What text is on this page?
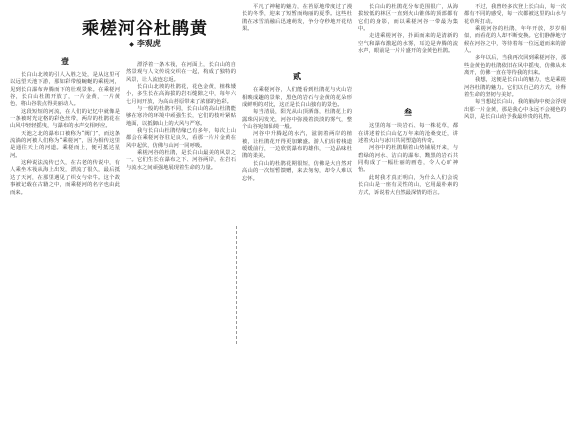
乘槎河谷杜鹃黄
◆ 李观虎
壹

长白山北坡的引人入胜之处，是从这里可以远望天池下游，那如彩带般蜿蜒的乘槎河，见到长白瀑布奔腾而下的壮观景象。在乘槎河谷，长白山杜鹃开放了，一片金黄，一片黄色，将山谷装点得美丽动人。

这段短短的河流，在人们的记忆中就像是一条被时光定格的彩色丝带，两岸的杜鹃花在山风中轻轻摇曳，与瀑布的水声交相呼应。

天池之北的瀑布口被称为“阀门”，而这条流淌的河被人们称为“乘槎河”，因为相传这里是通往天上的河道。乘槎而上，便可抵达星河。

这种说法流传已久，在古老的传说中，有人乘坐木筏从海上出发，漂流了很久，最后抵达了天河，在那里遇见了织女与牵牛。这个故事被记载在古籍之中，而乘槎河的名字也由此而来。

漂浮着一条木筏，在河面上，长白山的自然景观与人文传说交织在一起，构成了独特的风景，让人流连忘返。

长白山北坡的杜鹃花，花色金黄，植株矮小，多生长在高海拔的岩石缝隙之中，每年六七月间开放，为高山苔原带来了浓郁的色彩。

与一般的杜鹃不同，长白山的高山杜鹃能够在寒冷的环境中顽强生长，它们的枝叶紧贴地面，以抵御山上的大风与严寒。

我与长白山杜鹃结缘已有多年，每次上山都会在乘槎河谷驻足良久，看那一片片金黄在风中起伏，仿佛与山河一同呼吸。

乘槎河谷的杜鹃，是长白山最美的风景之一。它们生长在瀑布之下、河谷两岸，在岩石与流水之间顽强地展现着生命的力量。

平凡了神秘的魅力，在苔原地带度过了漫长的冬季，迎来了短暂而绚丽的夏季。这些杜鹃在冰雪消融后迅速萌发，争分夺秒地开花结果。

贰

在乘槎河谷，人们能看到杜鹃花与火山岩相映成趣的景象，黑色的岩石与金黄的花朵形成鲜明的对比，这正是长白山独有的景色。

每当清晨，阳光从山顶洒落，杜鹃花上的露珠闪闪发光，河谷中弥漫着淡淡的雾气，整个山谷宛如仙境一般。

河谷中升腾起的水汽，滋润着两岸的植被，让杜鹃花开得更加繁盛。游人们沿着栈道缓缓前行，一边欣赏瀑布的雄伟，一边品味杜鹃的柔美。

长白山的杜鹃花期很短，仿佛是大自然对高山的一次短暂馈赠，来去匆匆，却令人难以忘怀。

长白山的杜鹃花分布范围很广，从海拔较低的林区一直到火山锥体的顶部都有它们的身影，而以乘槎河谷一带最为集中。

走进乘槎河谷，扑面而来的是清新的空气和瀑布激起的水雾，耳边是奔腾的流水声，眼前是一片片盛开的金黄色杜鹃。

叁

这里的每一块岩石、每一株花草，都在讲述着长白山亿万年来的沧桑变迁，讲述着火山与冰川共同塑造的传奇。

河谷中的杜鹃顺着山势铺展开来，与碧绿的河水、洁白的瀑布、黝黑的岩石共同构成了一幅壮丽的画卷，令人心旷神怡。

此时我才真正明白，为什么人们会说长白山是一座有灵性的山，它用最朴素的方式，诉说着大自然最深情的语言。

不过，我曾经多次登上长白山，每一次都有不同的感受，每一次都被这里的山水与花草所打动。

乘槎河谷的杜鹃，年年开放，岁岁相似，而看花的人却不断变换。它们静静地守候在河谷之中，等待着每一位远道而来的游人。

多年以后，当我再次回到乘槎河谷，那些金黄色的杜鹃依旧在风中摇曳，仿佛从未离开，仿佛一直在等待我的归来。

我想，这便是长白山的魅力，也是乘槎河谷杜鹃的魅力。它们以自己的方式，诠释着生命的坚韧与美好。

每当想起长白山，我的脑海中便会浮现出那一片金黄，那是我心中永远不会褪色的风景，是长白山给予我最珍贵的礼物。
